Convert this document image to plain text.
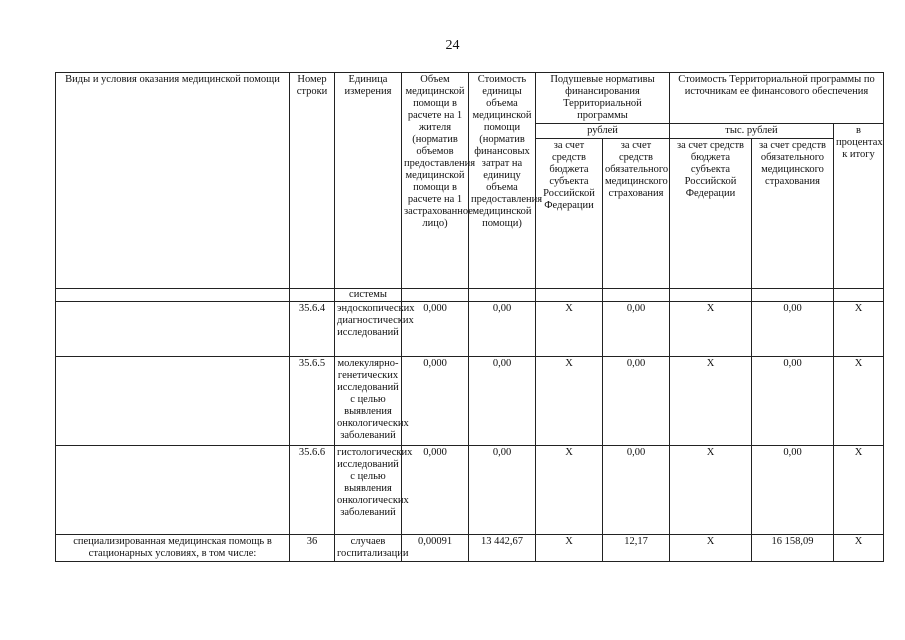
24
Виды и условия оказания медицинской помощи	Номер строки	Единица измерения	Объем медицинской помощи в расчете на 1 жителя (норматив объемов предоставления медицинской помощи в расчете на 1 застрахованное лицо)	Стоимость единицы объема медицинской помощи (норматив финансовых затрат на единицу объема предоставления медицинской помощи)	Подушевые нормативы финансирования Территориальной программы		Стоимость Территориальной программы по источникам ее финансового обеспечения		
					рублей		тыс. рублей		в процентах к итогу
					за счет средств бюджета субъекта Российской Федерации	за счет средств обязательного медицинского страхования	за счет средств бюджета субъекта Российской Федерации	за счет средств обязательного медицинского страхования	
		системы							
	35.6.4	эндоскопических диагностических исследований	0,000	0,00	X	0,00	X	0,00	X
	35.6.5	молекулярно-генетических исследований с целью выявления онкологических заболеваний	0,000	0,00	X	0,00	X	0,00	X
	35.6.6	гистологических исследований с целью выявления онкологических заболеваний	0,000	0,00	X	0,00	X	0,00	X
специализированная медицинская помощь в стационарных условиях, в том числе:	36	случаев госпитализации	0,00091	13 442,67	X	12,17	X	16 158,09	X
